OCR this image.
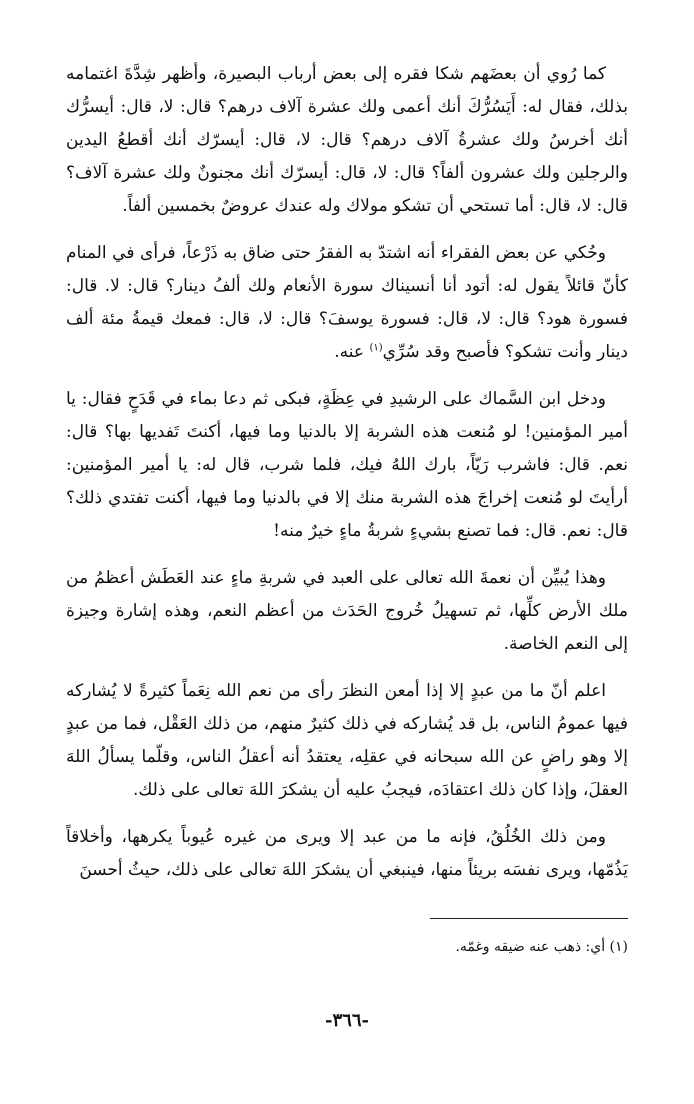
كما رُوي أن بعضَهم شكا فقره إلى بعض أرباب البصيرة، وأظهر شِدَّةَ اغتمامه بذلك، فقال له: أَيَسُرُّكَ أنك أعمى ولك عشرة آلاف درهم؟ قال: لا، قال: أيسرُّك أنك أخرسُ ولك عشرةُ آلاف درهم؟ قال: لا، قال: أيسرّك أنك أقطعُ اليدين والرجلين ولك عشرون ألفاً؟ قال: لا، قال: أيسرّك أنك مجنونٌ ولك عشرة آلاف؟ قال: لا، قال: أما تستحي أن تشكو مولاك وله عندك عروضٌ بخمسين ألفاً.

وحُكي عن بعض الفقراء أنه اشتدّ به الفقرُ حتى ضاق به ذَرْعاً، فرأى في المنام كأنّ قائلاً يقول له: أتود أنا أنسيناك سورة الأنعام ولك ألفُ دينار؟ قال: لا. قال: فسورة هود؟ قال: لا، قال: فسورة يوسفَ؟ قال: لا، قال: فمعك قيمةُ مئة ألف دينار وأنت تشكو؟ فأصبح وقد سُرِّي$^{(١)}$ عنه.

ودخل ابن السَّماك على الرشيدِ في عِظَةٍ، فبكى ثم دعا بماء في قَدَحٍ فقال: يا أمير المؤمنين! لو مُنعت هذه الشربة إلا بالدنيا وما فيها، أكنتَ تَفديها بها؟ قال: نعم. قال: فاشرب رَيّاً، بارك اللهُ فيك، فلما شرب، قال له: يا أمير المؤمنين: أرأيتَ لو مُنعت إخراجَ هذه الشربة منك إلا في بالدنيا وما فيها، أكنت تفتدي ذلك؟ قال: نعم. قال: فما تصنع بشيءٍ شربةُ ماءٍ خيرٌ منه!

وهذا يُبيِّن أن نعمةَ الله تعالى على العبد في شربةِ ماءٍ عند العَطَش أعظمُ من ملك الأرض كلِّها، ثم تسهيلُ خُروج الحَدَث من أعظم النعم، وهذه إشارة وجيزة إلى النعم الخاصة.

اعلم أنّ ما من عبدٍ إلا إذا أمعن النظرَ رأى من نعم الله نِعَماً كثيرةً لا يُشاركه فيها عمومُ الناس، بل قد يُشاركه في ذلك كثيرٌ منهم، من ذلك العَقْل، فما من عبدٍ إلا وهو راضٍ عن الله سبحانه في عقلِه، يعتقدُ أنه أعقلُ الناس، وقلّما يسألُ اللهَ العقلَ، وإذا كان ذلك اعتقادَه، فيجبُ عليه أن يشكرَ اللهَ تعالى على ذلك.

ومن ذلك الخُلُقُ، فإنه ما من عبد إلا ويرى من غيره عُيوباً يكرهها، وأخلاقاً يَذُمّها، ويرى نفسَه بريئاً منها، فينبغي أن يشكرَ اللهَ تعالى على ذلك، حيثُ أحسنَ

(١) أي: ذهب عنه ضيقه وغمّه.
-٣٦٦-
